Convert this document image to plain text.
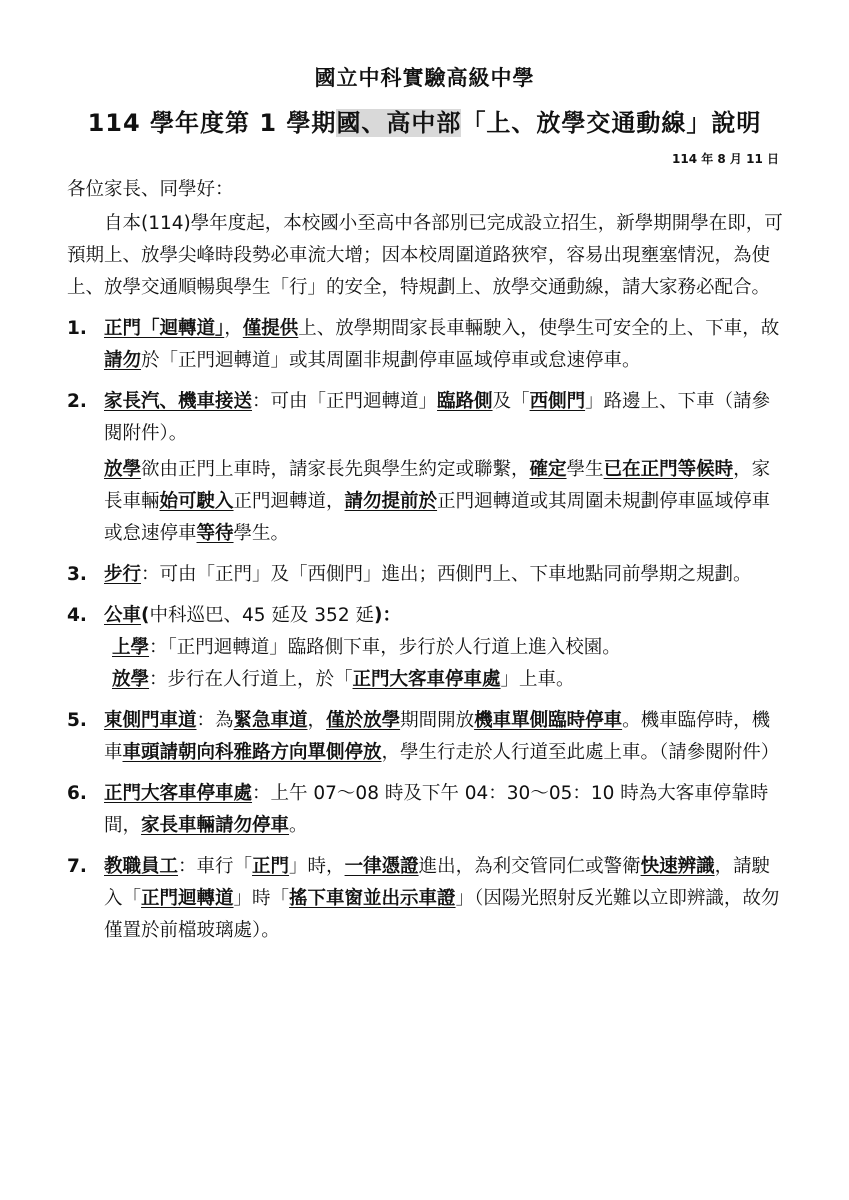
國立中科實驗高級中學
114 學年度第 1 學期國、高中部「上、放學交通動線」說明
114 年 8 月 11 日

各位家長、同學好：

自本(114)學年度起，本校國小至高中各部別已完成設立招生，新學期開學在即，可預期上、放學尖峰時段勢必車流大增；因本校周圍道路狹窄，容易出現壅塞情況，為使上、放學交通順暢與學生「行」的安全，特規劃上、放學交通動線，請大家務必配合。

1. 正門「迴轉道」，僅提供上、放學期間家長車輛駛入，使學生可安全的上、下車，故請勿於「正門迴轉道」或其周圍非規劃停車區域停車或怠速停車。
2. 家長汽、機車接送：可由「正門迴轉道」臨路側及「西側門」路邊上、下車（請參閱附件）。
放學欲由正門上車時，請家長先與學生約定或聯繫，確定學生已在正門等候時，家長車輛始可駛入正門迴轉道，請勿提前於正門迴轉道或其周圍未規劃停車區域停車或怠速停車等待學生。
3. 步行：可由「正門」及「西側門」進出；西側門上、下車地點同前學期之規劃。
4. 公車(中科巡巴、45 延及 352 延)：
上學：「正門迴轉道」臨路側下車，步行於人行道上進入校園。
放學：步行在人行道上，於「正門大客車停車處」上車。
5. 東側門車道：為緊急車道，僅於放學期間開放機車單側臨時停車。機車臨停時，機車車頭請朝向科雅路方向單側停放，學生行走於人行道至此處上車。（請參閱附件）
6. 正門大客車停車處：上午 07～08 時及下午 04：30～05：10 時為大客車停靠時間，家長車輛請勿停車。
7. 教職員工：車行「正門」時，一律憑證進出，為利交管同仁或警衛快速辨識，請駛入「正門迴轉道」時「搖下車窗並出示車證」（因陽光照射反光難以立即辨識，故勿僅置於前檔玻璃處）。
